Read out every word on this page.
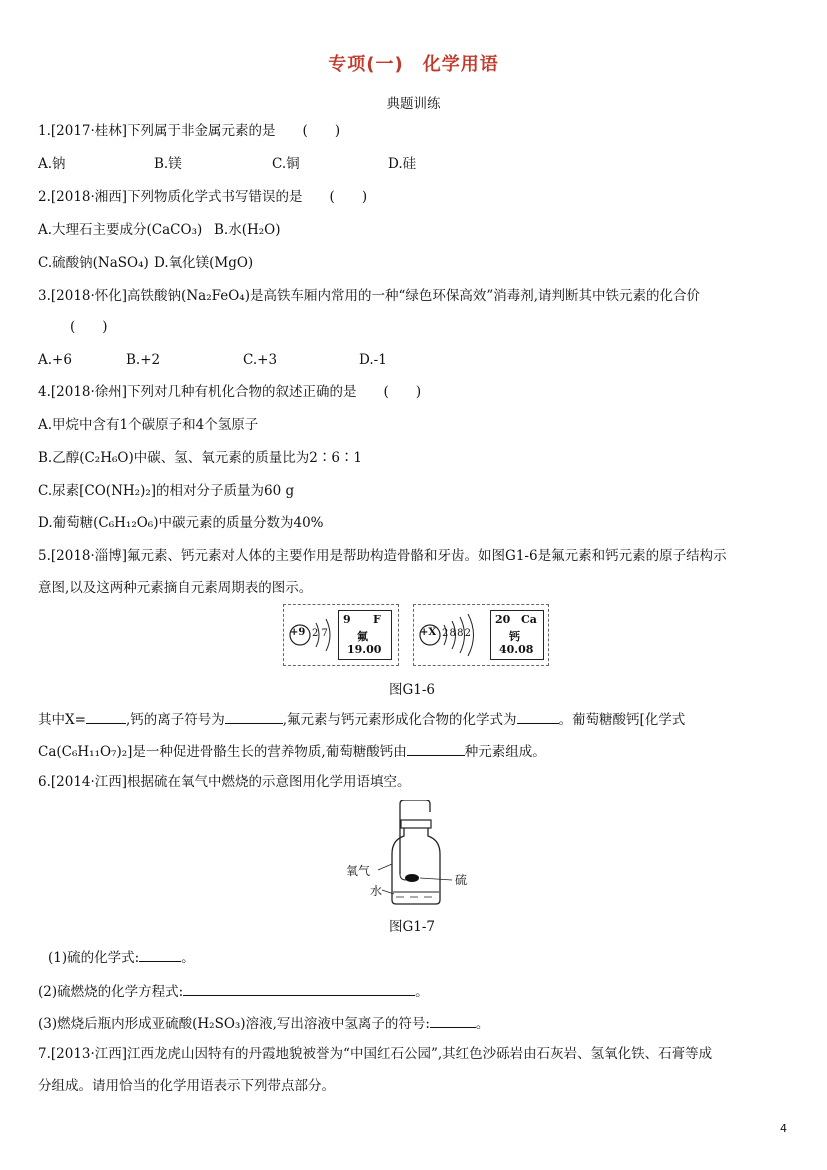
专项(一)　化学用语
典题训练
1.[2017·桂林]下列属于非金属元素的是　　(　　)
A.钠	B.镁	C.铜	D.硅
2.[2018·湘西]下列物质化学式书写错误的是　　(　　)
A.大理石主要成分(CaCO₃) B.水(H₂O)
C.硫酸钠(NaSO₄) D.氧化镁(MgO)
3.[2018·怀化]高铁酸钠(Na₂FeO₄)是高铁车厢内常用的一种“绿色环保高效”消毒剂,请判断其中铁元素的化合价
(　　)
A.+6	B.+2	C.+3	D.-1
4.[2018·徐州]下列对几种有机化合物的叙述正确的是　　(　　)
A.甲烷中含有1个碳原子和4个氢原子
B.乙醇(C₂H₆O)中碳、氢、氧元素的质量比为2∶6∶1
C.尿素[CO(NH₂)₂]的相对分子质量为60 g
D.葡萄糖(C₆H₁₂O₆)中碳元素的质量分数为40%
5.[2018·淄博]氟元素、钙元素对人体的主要作用是帮助构造骨骼和牙齿。如图G1-6是氟元素和钙元素的原子结构示
意图,以及这两种元素摘自元素周期表的图示。
+9 2 7
9 F
氟
19.00
+X 2 8 8 2
20 Ca
钙
40.08
图G1-6
其中X=	,钙的离子符号为	,氟元素与钙元素形成化合物的化学式为	。葡萄糖酸钙[化学式
Ca(C₆H₁₁O₇)₂]是一种促进骨骼生长的营养物质,葡萄糖酸钙由	种元素组成。
6.[2014·江西]根据硫在氧气中燃烧的示意图用化学用语填空。
氧气
水
硫
图G1-7
(1)硫的化学式:	。
(2)硫燃烧的化学方程式:	。
(3)燃烧后瓶内形成亚硫酸(H₂SO₃)溶液,写出溶液中氢离子的符号:	。
7.[2013·江西]江西龙虎山因特有的丹霞地貌被誉为“中国红石公园”,其红色沙砾岩由石灰岩、氢氧化铁、石膏等成
分组成。请用恰当的化学用语表示下列带点部分。
4
